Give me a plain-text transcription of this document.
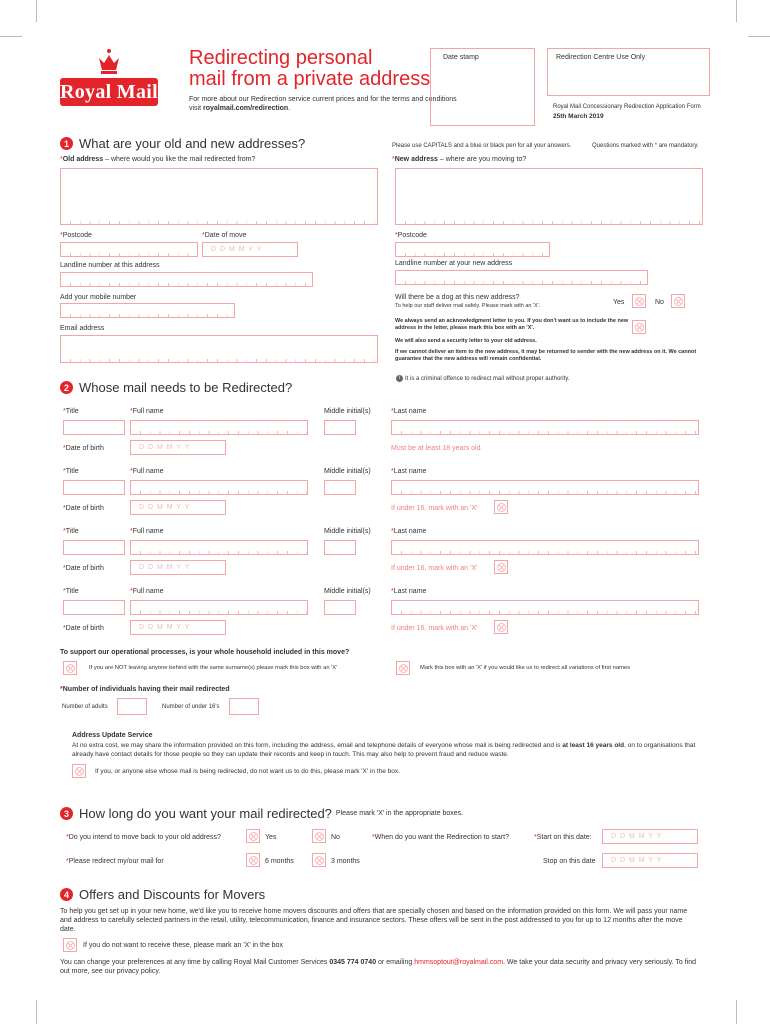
Royal Mail
Redirecting personal
mail from a private address
For more about our Redirection service current prices and for the terms and conditions visit royalmail.com/redirection.
Date stamp	Redirection Centre Use Only
Royal Mail Concessionary Redirection Application Form
25th March 2019
1 What are your old and new addresses?	Please use CAPITALS and a blue or black pen for all your answers.	Questions marked with * are mandatory.
*Old address – where would you like the mail redirected from?	*New address – where are you moving to?
*Postcode	*Date of move	*Postcode
D D M M Y Y
Landline number at this address	Landline number at your new address
Add your mobile number	Will there be a dog at this new address?
To help our staff deliver mail safely. Please mark with an 'X'.	Yes	No
We always send an acknowledgment letter to you. If you don't want us to include the new address in the letter, please mark this box with an 'X'.
Email address
We will also send a security letter to your old address.
If we cannot deliver an item to the new address, it may be returned to sender with the new address on it. We cannot guarantee that the new address will remain confidential.
i It is a criminal offence to redirect mail without proper authority.
2 Whose mail needs to be Redirected?
*Title	*Full name	Middle initial(s)	*Last name
*Date of birth	D D M M Y Y	Must be at least 18 years old.
*Title	*Full name	Middle initial(s)	*Last name
*Date of birth	D D M M Y Y	If under 16, mark with an 'X'
*Title	*Full name	Middle initial(s)	*Last name
*Date of birth	D D M M Y Y	If under 16, mark with an 'X'
*Title	*Full name	Middle initial(s)	*Last name
*Date of birth	D D M M Y Y	If under 16, mark with an 'X'
To support our operational processes, is your whole household included in this move?
If you are NOT leaving anyone behind with the same surname(s) please mark this box with an 'X'	Mark this box with an 'X' if you would like us to redirect all variations of first names
*Number of individuals having their mail redirected
Number of adults	Number of under 16's
Address Update Service
At no extra cost, we may share the information provided on this form, including the address, email and telephone details of everyone whose mail is being redirected and is at least 16 years old, on to organisations that already have contact details for those people so they can update their records and keep in touch. This may also help to prevent fraud and reduce waste.
If you, or anyone else whose mail is being redirected, do not want us to do this, please mark 'X' in the box.
3 How long do you want your mail redirected? Please mark 'X' in the appropriate boxes.
*Do you intend to move back to your old address?	Yes	No	*When do you want the Redirection to start?	*Start on this date:	D D M M Y Y
*Please redirect my/our mail for	6 months	3 months	Stop on this date	D D M M Y Y
4 Offers and Discounts for Movers
To help you get set up in your new home, we'd like you to receive home movers discounts and offers that are specially chosen and based on the information provided on this form. We will pass your name and address to carefully selected partners in the retail, utility, telecommunication, finance and insurance sectors. These offers will be sent in the post addressed to you for up to 12 months after the move date.
If you do not want to receive these, please mark an 'X' in the box
You can change your preferences at any time by calling Royal Mail Customer Services 0345 774 0740 or emailing hmmsoptout@royalmail.com. We take your data security and privacy very seriously. To find out more, see our privacy policy.
